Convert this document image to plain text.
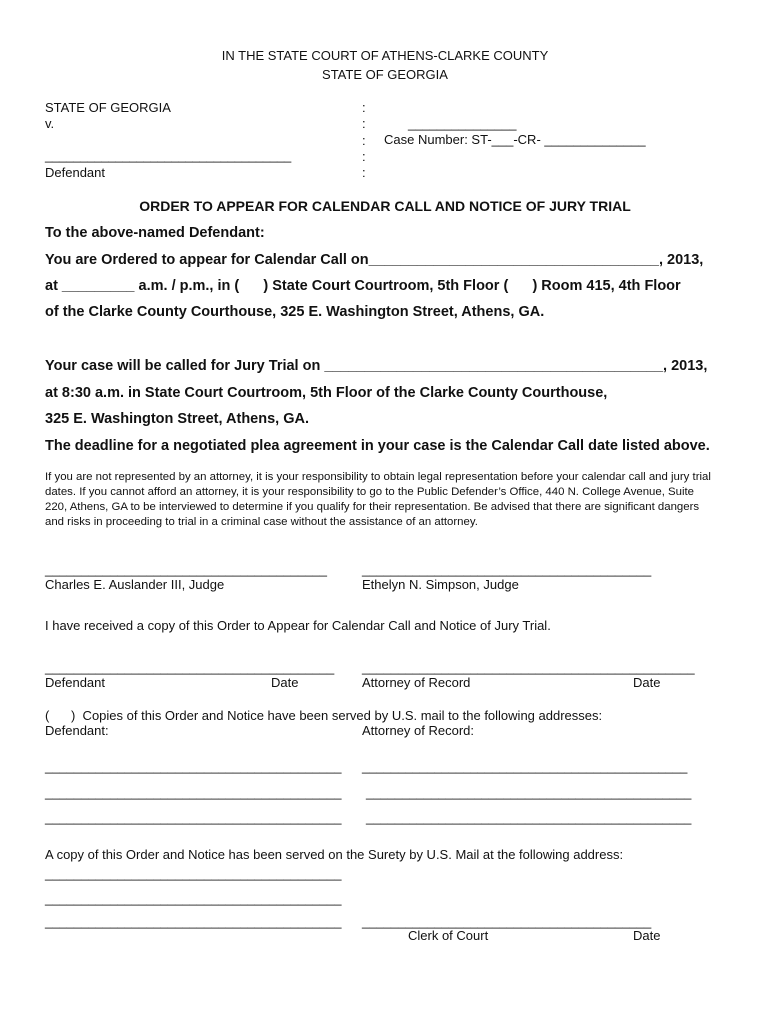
IN THE STATE COURT OF ATHENS-CLARKE COUNTY
STATE OF GEORGIA
STATE OF GEORGIA
v.
___________________________________
Defendant
:
:
:
:
:
_______________
Case Number: ST-___-CR- ______________
ORDER TO APPEAR FOR CALENDAR CALL AND NOTICE OF JURY TRIAL
To the above-named Defendant:
You are Ordered to appear for Calendar Call on____________________________________, 2013,
at _________ a.m. / p.m., in (      ) State Court Courtroom, 5th Floor (      ) Room 415, 4th Floor
of the Clarke County Courthouse, 325 E. Washington Street, Athens, GA.
Your case will be called for Jury Trial on __________________________________________, 2013,
at 8:30 a.m. in State Court Courtroom, 5th Floor of the Clarke County Courthouse,
325 E. Washington Street, Athens, GA.
The deadline for a negotiated plea agreement in your case is the Calendar Call date listed above.
If you are not represented by an attorney, it is your responsibility to obtain legal representation before your calendar call and jury trial dates. If you cannot afford an attorney, it is your responsibility to go to the Public Defender’s Office, 440 N. College Avenue, Suite 220, Athens, GA to be interviewed to determine if you qualify for their representation. Be advised that there are significant dangers and risks in proceeding to trial in a criminal case without the assistance of an attorney.
_______________________________________	________________________________________
Charles E. Auslander III, Judge	Ethelyn N. Simpson, Judge
I have received a copy of this Order to Appear for Calendar Call and Notice of Jury Trial.
________________________________________ ______________________________________________
Defendant	Date	Attorney of Record	Date
(      )  Copies of this Order and Notice have been served by U.S. mail to the following addresses:
Defendant:	Attorney of Record:
_________________________________________ _____________________________________________
_________________________________________ _____________________________________________
_________________________________________ _____________________________________________
A copy of this Order and Notice has been served on the Surety by U.S. Mail at the following address:
_________________________________________
_________________________________________
_________________________________________ ________________________________________
Clerk of Court	Date
